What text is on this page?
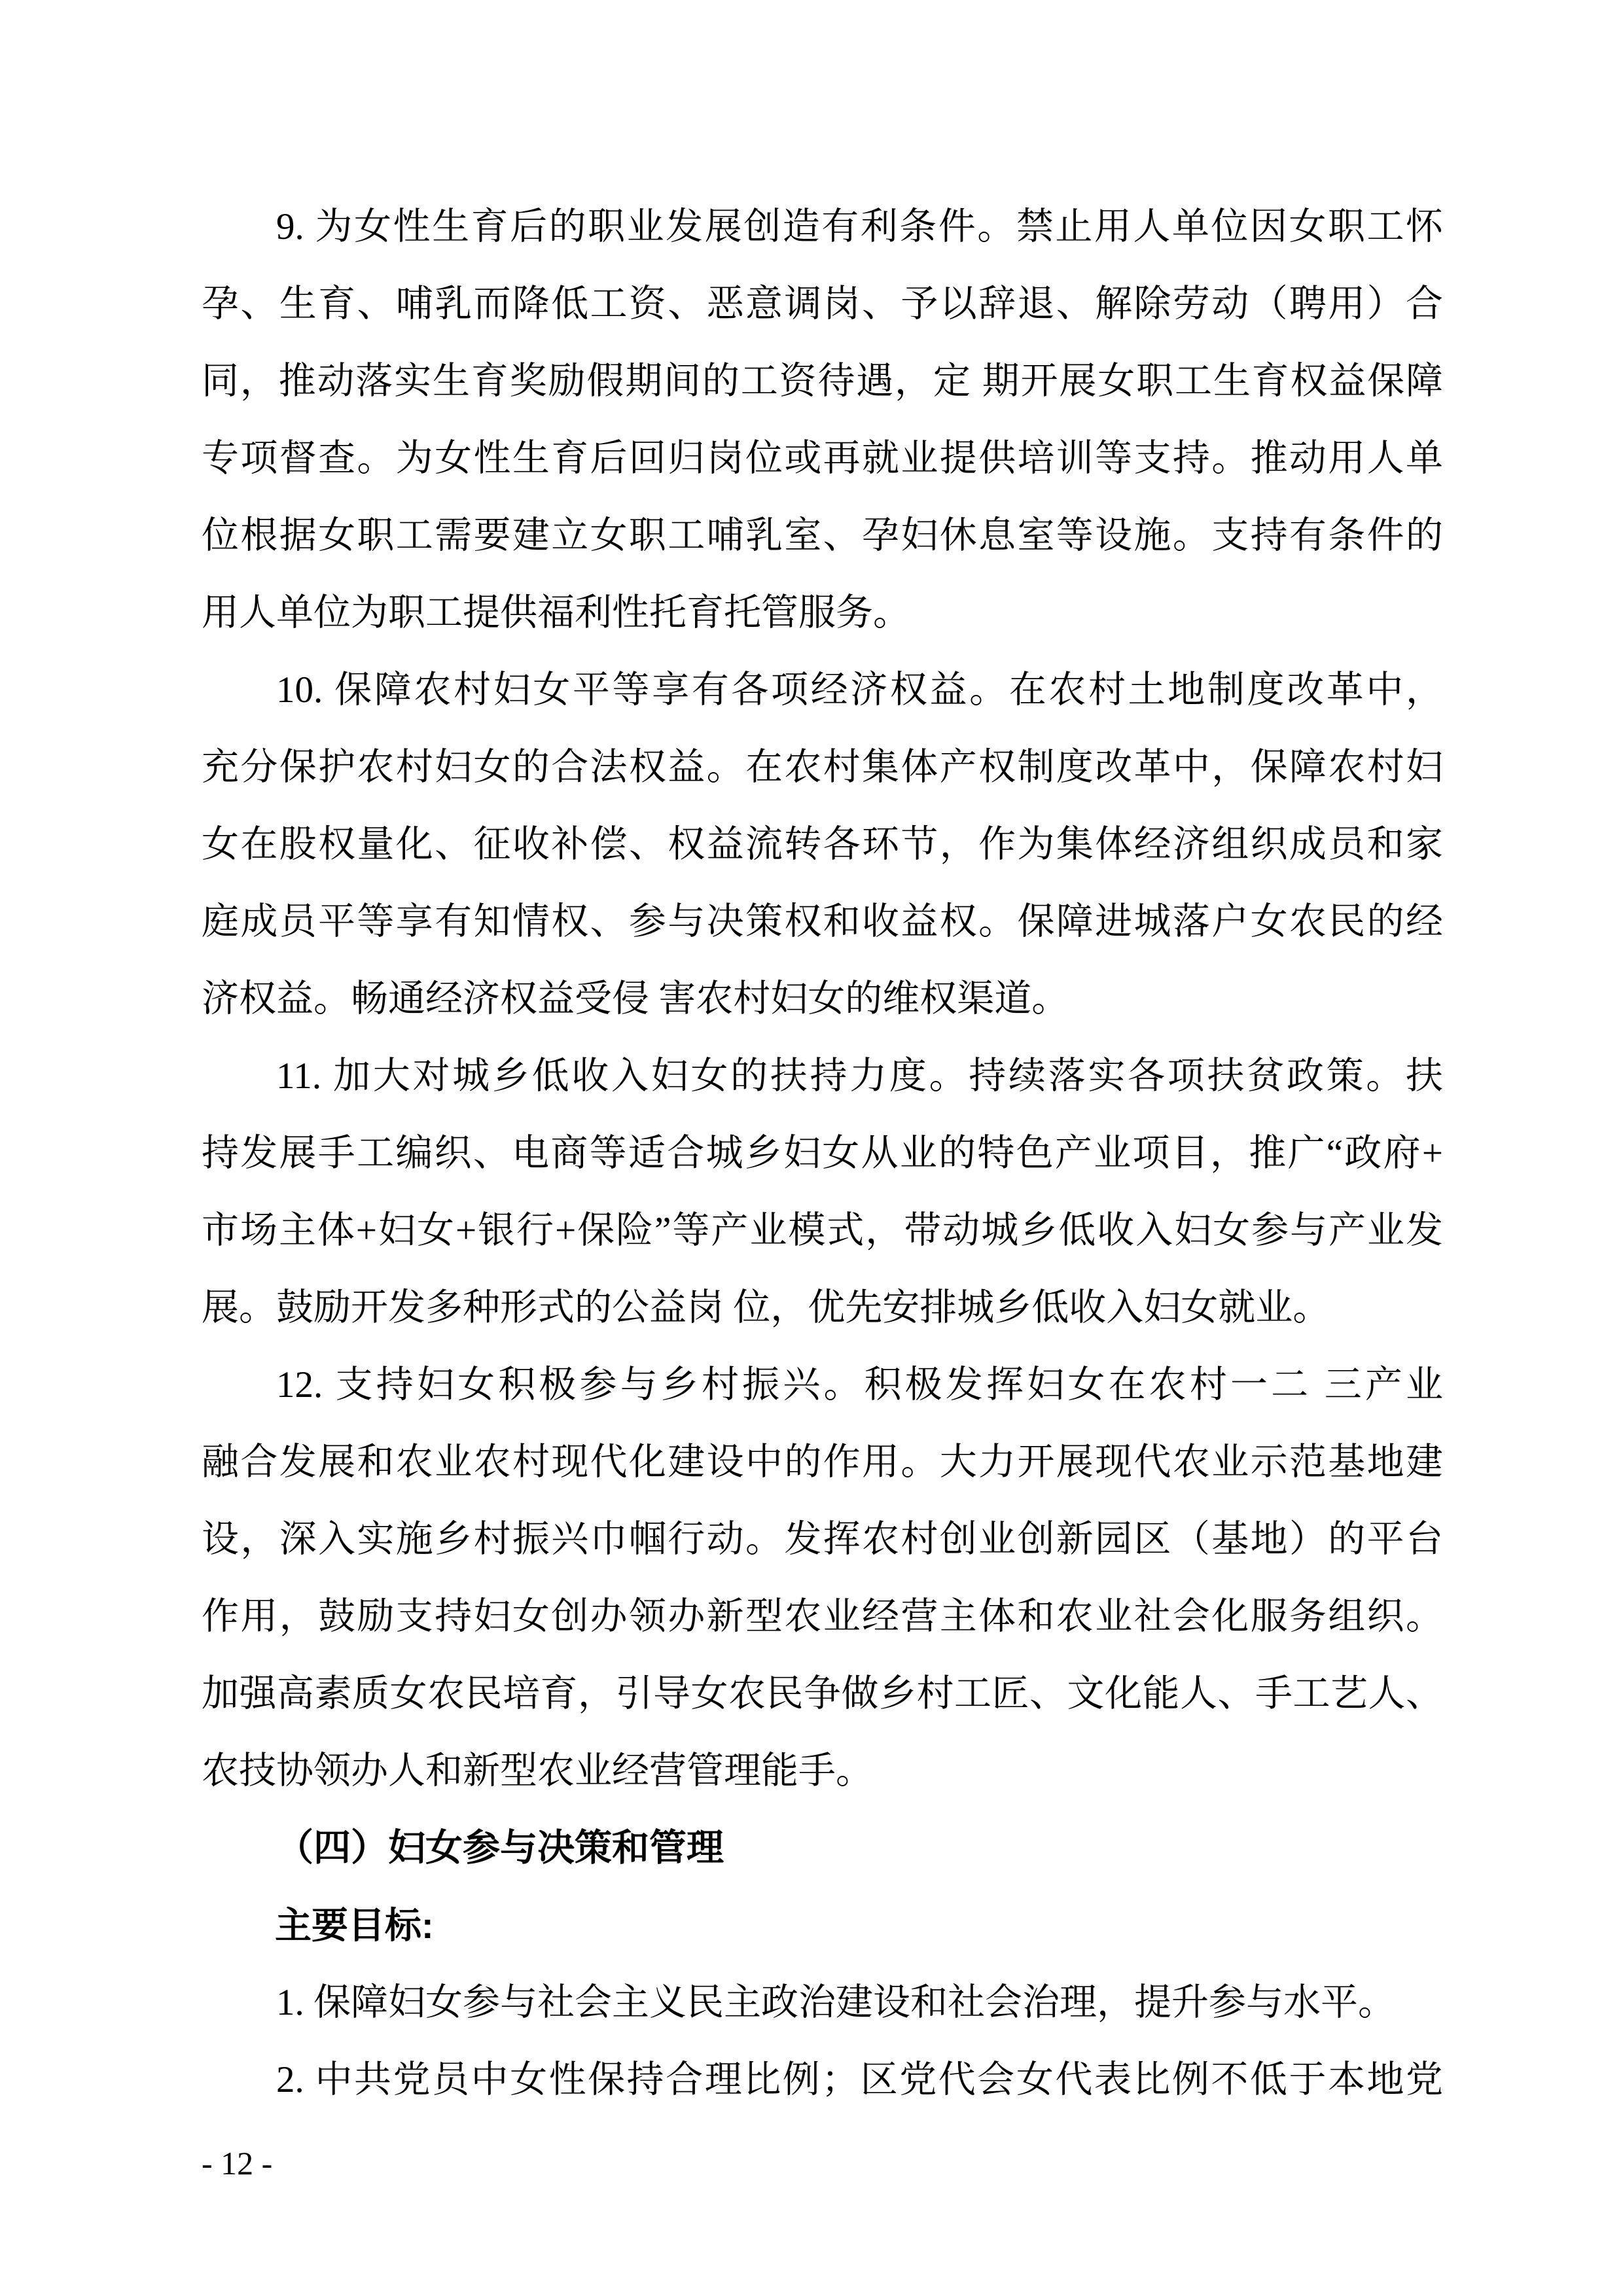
9. 为女性生育后的职业发展创造有利条件。禁止用人单位因女职工怀
孕、生育、哺乳而降低工资、恶意调岗、予以辞退、解除劳动（聘用）合
同，推动落实生育奖励假期间的工资待遇，定 期开展女职工生育权益保障
专项督查。为女性生育后回归岗位或再就业提供培训等支持。推动用人单
位根据女职工需要建立女职工哺乳室、孕妇休息室等设施。支持有条件的
用人单位为职工提供福利性托育托管服务。
10. 保障农村妇女平等享有各项经济权益。在农村土地制度改革中，
充分保护农村妇女的合法权益。在农村集体产权制度改革中，保障农村妇
女在股权量化、征收补偿、权益流转各环节，作为集体经济组织成员和家
庭成员平等享有知情权、参与决策权和收益权。保障进城落户女农民的经
济权益。畅通经济权益受侵 害农村妇女的维权渠道。
11. 加大对城乡低收入妇女的扶持力度。持续落实各项扶贫政策。扶
持发展手工编织、电商等适合城乡妇女从业的特色产业项目，推广“政府+
市场主体+妇女+银行+保险”等产业模式，带动城乡低收入妇女参与产业发
展。鼓励开发多种形式的公益岗 位，优先安排城乡低收入妇女就业。
12. 支持妇女积极参与乡村振兴。积极发挥妇女在农村一二 三产业
融合发展和农业农村现代化建设中的作用。大力开展现代农业示范基地建
设，深入实施乡村振兴巾帼行动。发挥农村创业创新园区（基地）的平台
作用，鼓励支持妇女创办领办新型农业经营主体和农业社会化服务组织。
加强高素质女农民培育，引导女农民争做乡村工匠、文化能人、手工艺人、
农技协领办人和新型农业经营管理能手。
（四）妇女参与决策和管理
主要目标:
1. 保障妇女参与社会主义民主政治建设和社会治理，提升参与水平。
2. 中共党员中女性保持合理比例；区党代会女代表比例不低于本地党
- 12 -
